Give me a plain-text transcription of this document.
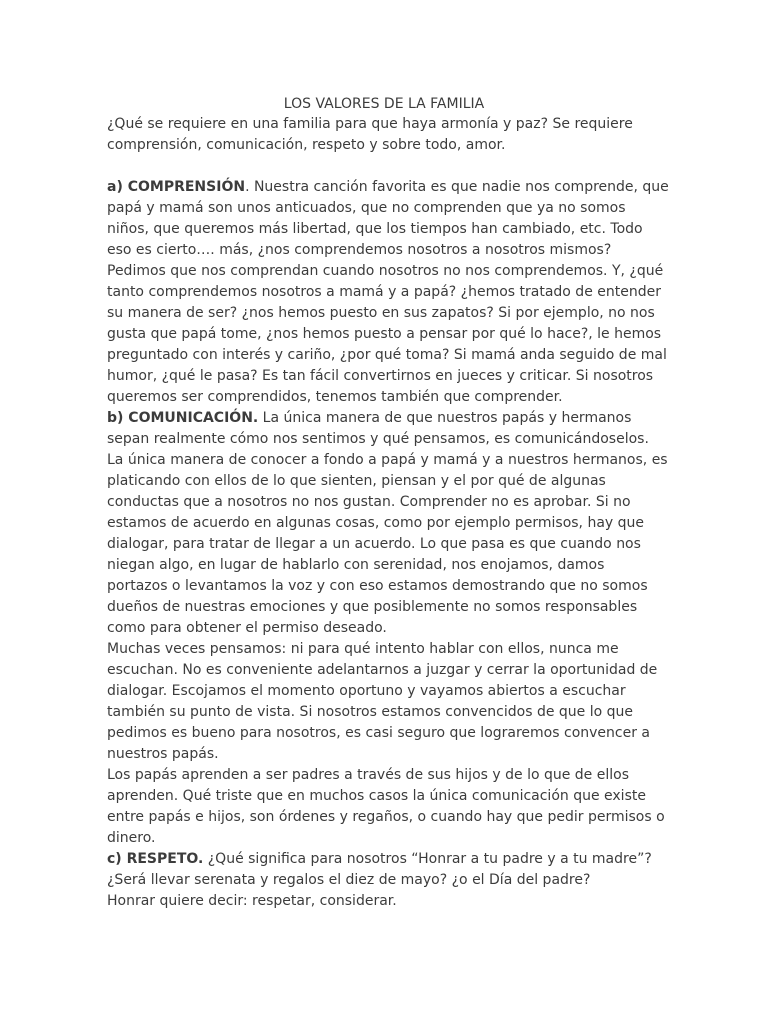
LOS VALORES DE LA FAMILIA
¿Qué se requiere en una familia para que haya armonía y paz? Se requiere
comprensión, comunicación, respeto y sobre todo, amor.
a) COMPRENSIÓN. Nuestra canción favorita es que nadie nos comprende, que
papá y mamá son unos anticuados, que no comprenden que ya no somos
niños, que queremos más libertad, que los tiempos han cambiado, etc. Todo
eso es cierto…. más, ¿nos comprendemos nosotros a nosotros mismos?
Pedimos que nos comprendan cuando nosotros no nos comprendemos. Y, ¿qué
tanto comprendemos nosotros a mamá y a papá? ¿hemos tratado de entender
su manera de ser? ¿nos hemos puesto en sus zapatos? Si por ejemplo, no nos
gusta que papá tome, ¿nos hemos puesto a pensar por qué lo hace?, le hemos
preguntado con interés y cariño, ¿por qué toma? Si mamá anda seguido de mal
humor, ¿qué le pasa? Es tan fácil convertirnos en jueces y criticar. Si nosotros
queremos ser comprendidos, tenemos también que comprender.
b) COMUNICACIÓN. La única manera de que nuestros papás y hermanos
sepan realmente cómo nos sentimos y qué pensamos, es comunicándoselos.
La única manera de conocer a fondo a papá y mamá y a nuestros hermanos, es
platicando con ellos de lo que sienten, piensan y el por qué de algunas
conductas que a nosotros no nos gustan. Comprender no es aprobar. Si no
estamos de acuerdo en algunas cosas, como por ejemplo permisos, hay que
dialogar, para tratar de llegar a un acuerdo. Lo que pasa es que cuando nos
niegan algo, en lugar de hablarlo con serenidad, nos enojamos, damos
portazos o levantamos la voz y con eso estamos demostrando que no somos
dueños de nuestras emociones y que posiblemente no somos responsables
como para obtener el permiso deseado.
Muchas veces pensamos: ni para qué intento hablar con ellos, nunca me
escuchan. No es conveniente adelantarnos a juzgar y cerrar la oportunidad de
dialogar. Escojamos el momento oportuno y vayamos abiertos a escuchar
también su punto de vista. Si nosotros estamos convencidos de que lo que
pedimos es bueno para nosotros, es casi seguro que lograremos convencer a
nuestros papás.
Los papás aprenden a ser padres a través de sus hijos y de lo que de ellos
aprenden. Qué triste que en muchos casos la única comunicación que existe
entre papás e hijos, son órdenes y regaños, o cuando hay que pedir permisos o
dinero.
c) RESPETO. ¿Qué significa para nosotros “Honrar a tu padre y a tu madre”?
¿Será llevar serenata y regalos el diez de mayo? ¿o el Día del padre?
Honrar quiere decir: respetar, considerar.
